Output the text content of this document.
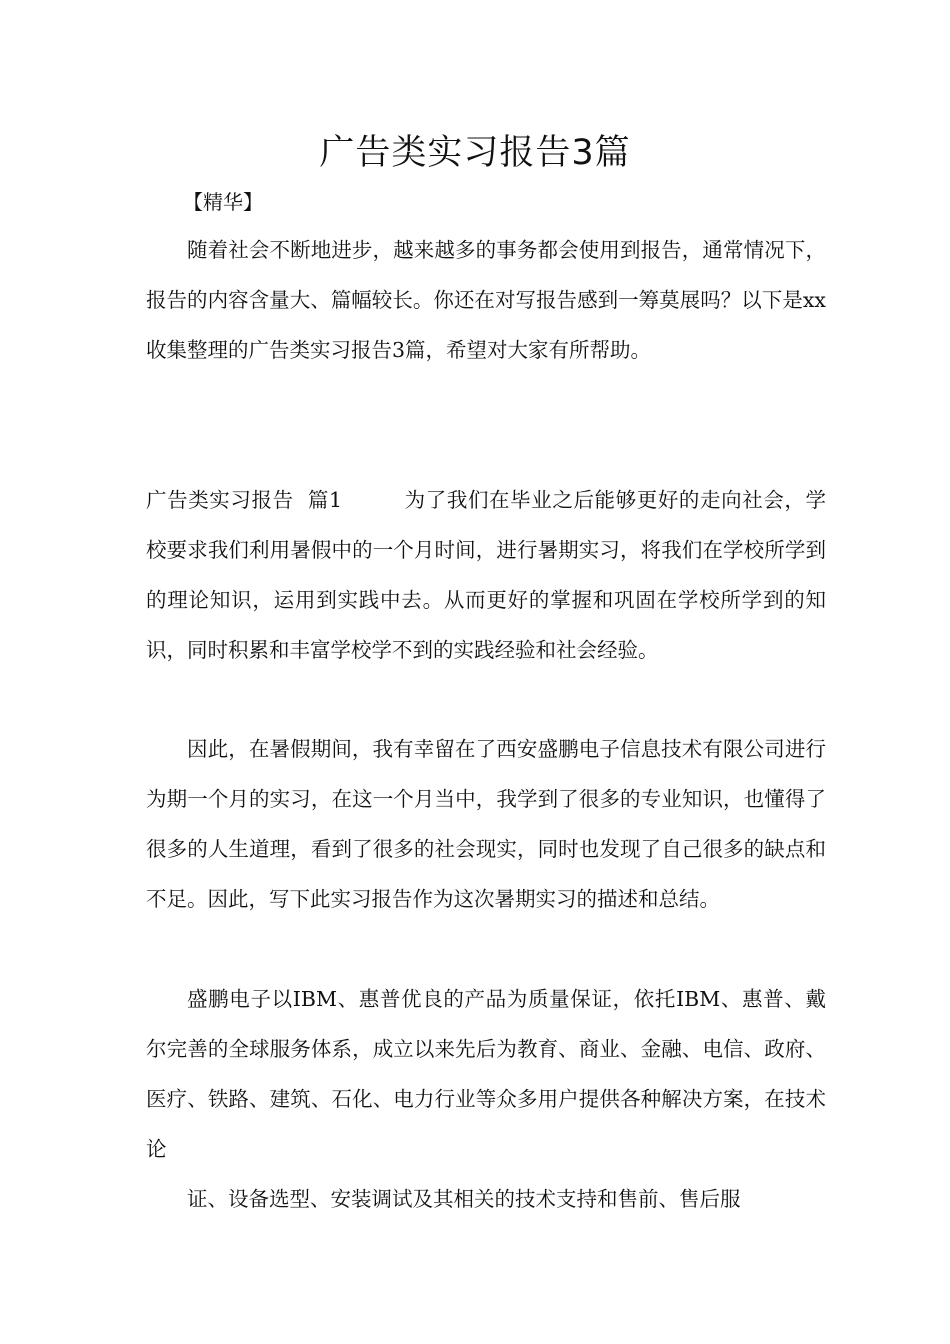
广告类实习报告3篇
【精华】

随着社会不断地进步，越来越多的事务都会使用到报告，通常情况下，报告的内容含量大、篇幅较长。你还在对写报告感到一筹莫展吗？以下是xx收集整理的广告类实习报告3篇，希望对大家有所帮助。

广告类实习报告  篇1	为了我们在毕业之后能够更好的走向社会，学校要求我们利用暑假中的一个月时间，进行暑期实习，将我们在学校所学到的理论知识，运用到实践中去。从而更好的掌握和巩固在学校所学到的知识，同时积累和丰富学校学不到的实践经验和社会经验。

因此，在暑假期间，我有幸留在了西安盛鹏电子信息技术有限公司进行为期一个月的实习，在这一个月当中，我学到了很多的专业知识，也懂得了很多的人生道理，看到了很多的社会现实，同时也发现了自己很多的缺点和不足。因此，写下此实习报告作为这次暑期实习的描述和总结。

盛鹏电子以IBM、惠普优良的产品为质量保证，依托IBM、惠普、戴尔完善的全球服务体系，成立以来先后为教育、商业、金融、电信、政府、医疗、铁路、建筑、石化、电力行业等众多用户提供各种解决方案，在技术论

证、设备选型、安装调试及其相关的技术支持和售前、售后服
